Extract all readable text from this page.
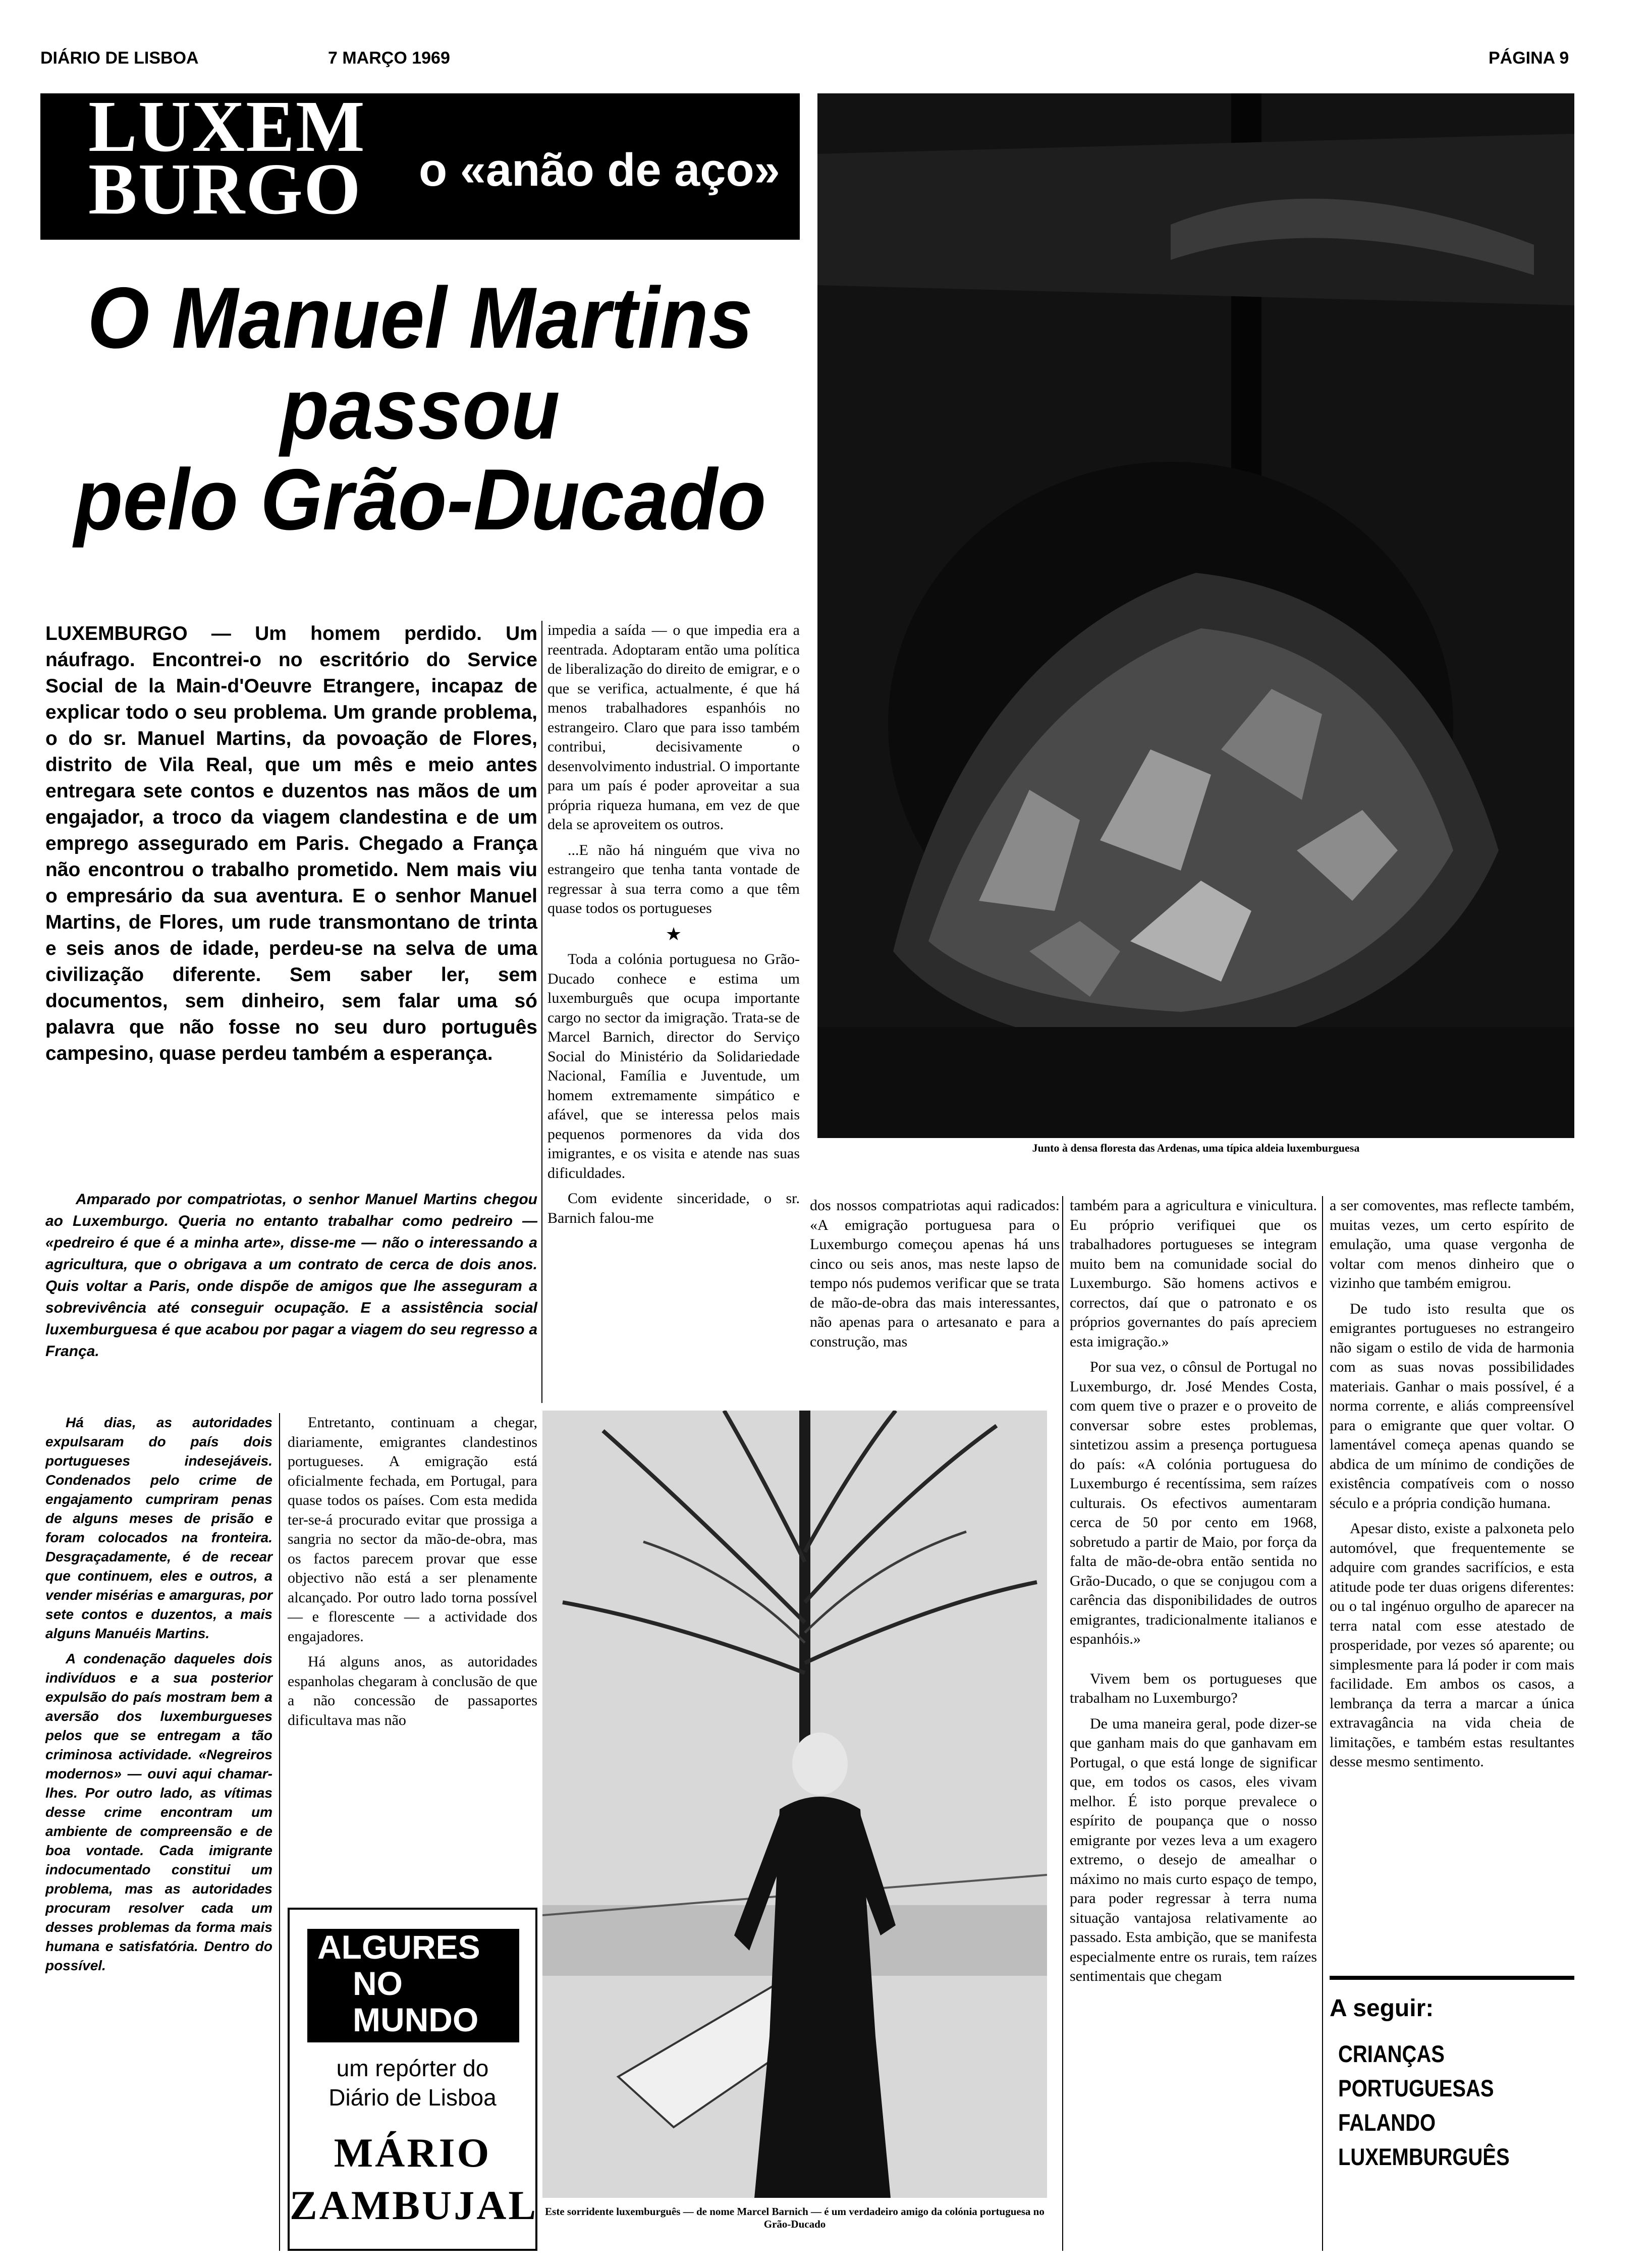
DIÁRIO DE LISBOA	7 MARÇO 1969	PÁGINA 9
LUXEM
BURGO o «anão de aço»
O Manuel Martins
passou
pelo Grão-Ducado
LUXEMBURGO — Um homem perdido. Um náufrago. Encontrei-o no escritório do Service Social de la Main-d'Oeuvre Etrangere, incapaz de explicar todo o seu problema. Um grande problema, o do sr. Manuel Martins, da povoação de Flores, distrito de Vila Real, que um mês e meio antes entregara sete contos e duzentos nas mãos de um engajador, a troco da viagem clandestina e de um emprego assegurado em Paris. Chegado a França não encontrou o trabalho prometido. Nem mais viu o empresário da sua aventura. E o senhor Manuel Martins, de Flores, um rude transmontano de trinta e seis anos de idade, perdeu-se na selva de uma civilização diferente. Sem saber ler, sem documentos, sem dinheiro, sem falar uma só palavra que não fosse no seu duro português campesino, quase perdeu também a esperança.
Amparado por compatriotas, o senhor Manuel Martins chegou ao Luxemburgo. Queria no entanto trabalhar como pedreiro — «pedreiro é que é a minha arte», disse-me — não o interessando a agricultura, que o obrigava a um contrato de cerca de dois anos. Quis voltar a Paris, onde dispõe de amigos que lhe asseguram a sobrevivência até conseguir ocupação. E a assistência social luxemburguesa é que acabou por pagar a viagem do seu regresso a França.

Há dias, as autoridades expulsaram do país dois portugueses indesejáveis. Condenados pelo crime de engajamento cumpriram penas de alguns meses de prisão e foram colocados na fronteira. Desgraçadamente, é de recear que continuem, eles e outros, a vender misérias e amarguras, por sete contos e duzentos, a mais alguns Manuéis Martins.

A condenação daqueles dois indivíduos e a sua posterior expulsão do país mostram bem a aversão dos luxemburgueses pelos que se entregam a tão criminosa actividade. «Negreiros modernos» — ouvi aqui chamar-lhes. Por outro lado, as vítimas desse crime encontram um ambiente de compreensão e de boa vontade. Cada imigrante indocumentado constitui um problema, mas as autoridades procuram resolver cada um desses problemas da forma mais humana e satisfatória. Dentro do possível.

Entretanto, continuam a chegar, diariamente, emigrantes clandestinos portugueses. A emigração está oficialmente fechada, em Portugal, para quase todos os países. Com esta medida ter-se-á procurado evitar que prossiga a sangria no sector da mão-de-obra, mas os factos parecem provar que esse objectivo não está a ser plenamente alcançado. Por outro lado torna possível — e florescente — a actividade dos engajadores.

Há alguns anos, as autoridades espanholas chegaram à conclusão de que a não concessão de passaportes dificultava mas não

ALGURES
NO
MUNDO
um repórter do
Diário de Lisboa
MÁRIO
ZAMBUJAL

impedia a saída — o que impedia era a reentrada. Adoptaram então uma política de liberalização do direito de emigrar, e o que se verifica, actualmente, é que há menos trabalhadores espanhóis no estrangeiro. Claro que para isso também contribui, decisivamente o desenvolvimento industrial. O importante para um país é poder aproveitar a sua própria riqueza humana, em vez de que dela se aproveitem os outros.

...E não há ninguém que viva no estrangeiro que tenha tanta vontade de regressar à sua terra como a que têm quase todos os portugueses

★

Toda a colónia portuguesa no Grão-Ducado conhece e estima um luxemburguês que ocupa importante cargo no sector da imigração. Trata-se de Marcel Barnich, director do Serviço Social do Ministério da Solidariedade Nacional, Família e Juventude, um homem extremamente simpático e afável, que se interessa pelos mais pequenos pormenores da vida dos imigrantes, e os visita e atende nas suas dificuldades.

Com evidente sinceridade, o sr. Barnich falou-me

Junto à densa floresta das Ardenas, uma típica aldeia luxemburguesa
Este sorridente luxemburguês — de nome Marcel Barnich — é um verdadeiro amigo da colónia portuguesa no Grão-Ducado
dos nossos compatriotas aqui radicados: «A emigração portuguesa para o Luxemburgo começou apenas há uns cinco ou seis anos, mas neste lapso de tempo nós pudemos verificar que se trata de mão-de-obra das mais interessantes, não apenas para o artesanato e para a construção, mas

também para a agricultura e vinicultura. Eu próprio verifiquei que os trabalhadores portugueses se integram muito bem na comunidade social do Luxemburgo. São homens activos e correctos, daí que o patronato e os próprios governantes do país apreciem esta imigração.»

Por sua vez, o cônsul de Portugal no Luxemburgo, dr. José Mendes Costa, com quem tive o prazer e o proveito de conversar sobre estes problemas, sintetizou assim a presença portuguesa do país: «A colónia portuguesa do Luxemburgo é recentíssima, sem raízes culturais. Os efectivos aumentaram cerca de 50 por cento em 1968, sobretudo a partir de Maio, por força da falta de mão-de-obra então sentida no Grão-Ducado, o que se conjugou com a carência das disponibilidades de outros emigrantes, tradicionalmente italianos e espanhóis.»

Vivem bem os portugueses que trabalham no Luxemburgo?

De uma maneira geral, pode dizer-se que ganham mais do que ganhavam em Portugal, o que está longe de significar que, em todos os casos, eles vivam melhor. É isto porque prevalece o espírito de poupança que o nosso emigrante por vezes leva a um exagero extremo, o desejo de amealhar o máximo no mais curto espaço de tempo, para poder regressar à terra numa situação vantajosa relativamente ao passado. Esta ambição, que se manifesta especialmente entre os rurais, tem raízes sentimentais que chegam

a ser comoventes, mas reflecte também, muitas vezes, um certo espírito de emulação, uma quase vergonha de voltar com menos dinheiro que o vizinho que também emigrou.

De tudo isto resulta que os emigrantes portugueses no estrangeiro não sigam o estilo de vida de harmonia com as suas novas possibilidades materiais. Ganhar o mais possível, é a norma corrente, e aliás compreensível para o emigrante que quer voltar. O lamentável começa apenas quando se abdica de um mínimo de condições de existência compatíveis com o nosso século e a própria condição humana.

Apesar disto, existe a palxoneta pelo automóvel, que frequentemente se adquire com grandes sacrifícios, e esta atitude pode ter duas origens diferentes: ou o tal ingénuo orgulho de aparecer na terra natal com esse atestado de prosperidade, por vezes só aparente; ou simplesmente para lá poder ir com mais facilidade. Em ambos os casos, a lembrança da terra a marcar a única extravagância na vida cheia de limitações, e também estas resultantes desse mesmo sentimento.

A seguir:
CRIANÇAS
PORTUGUESAS
FALANDO
LUXEMBURGUÊS
